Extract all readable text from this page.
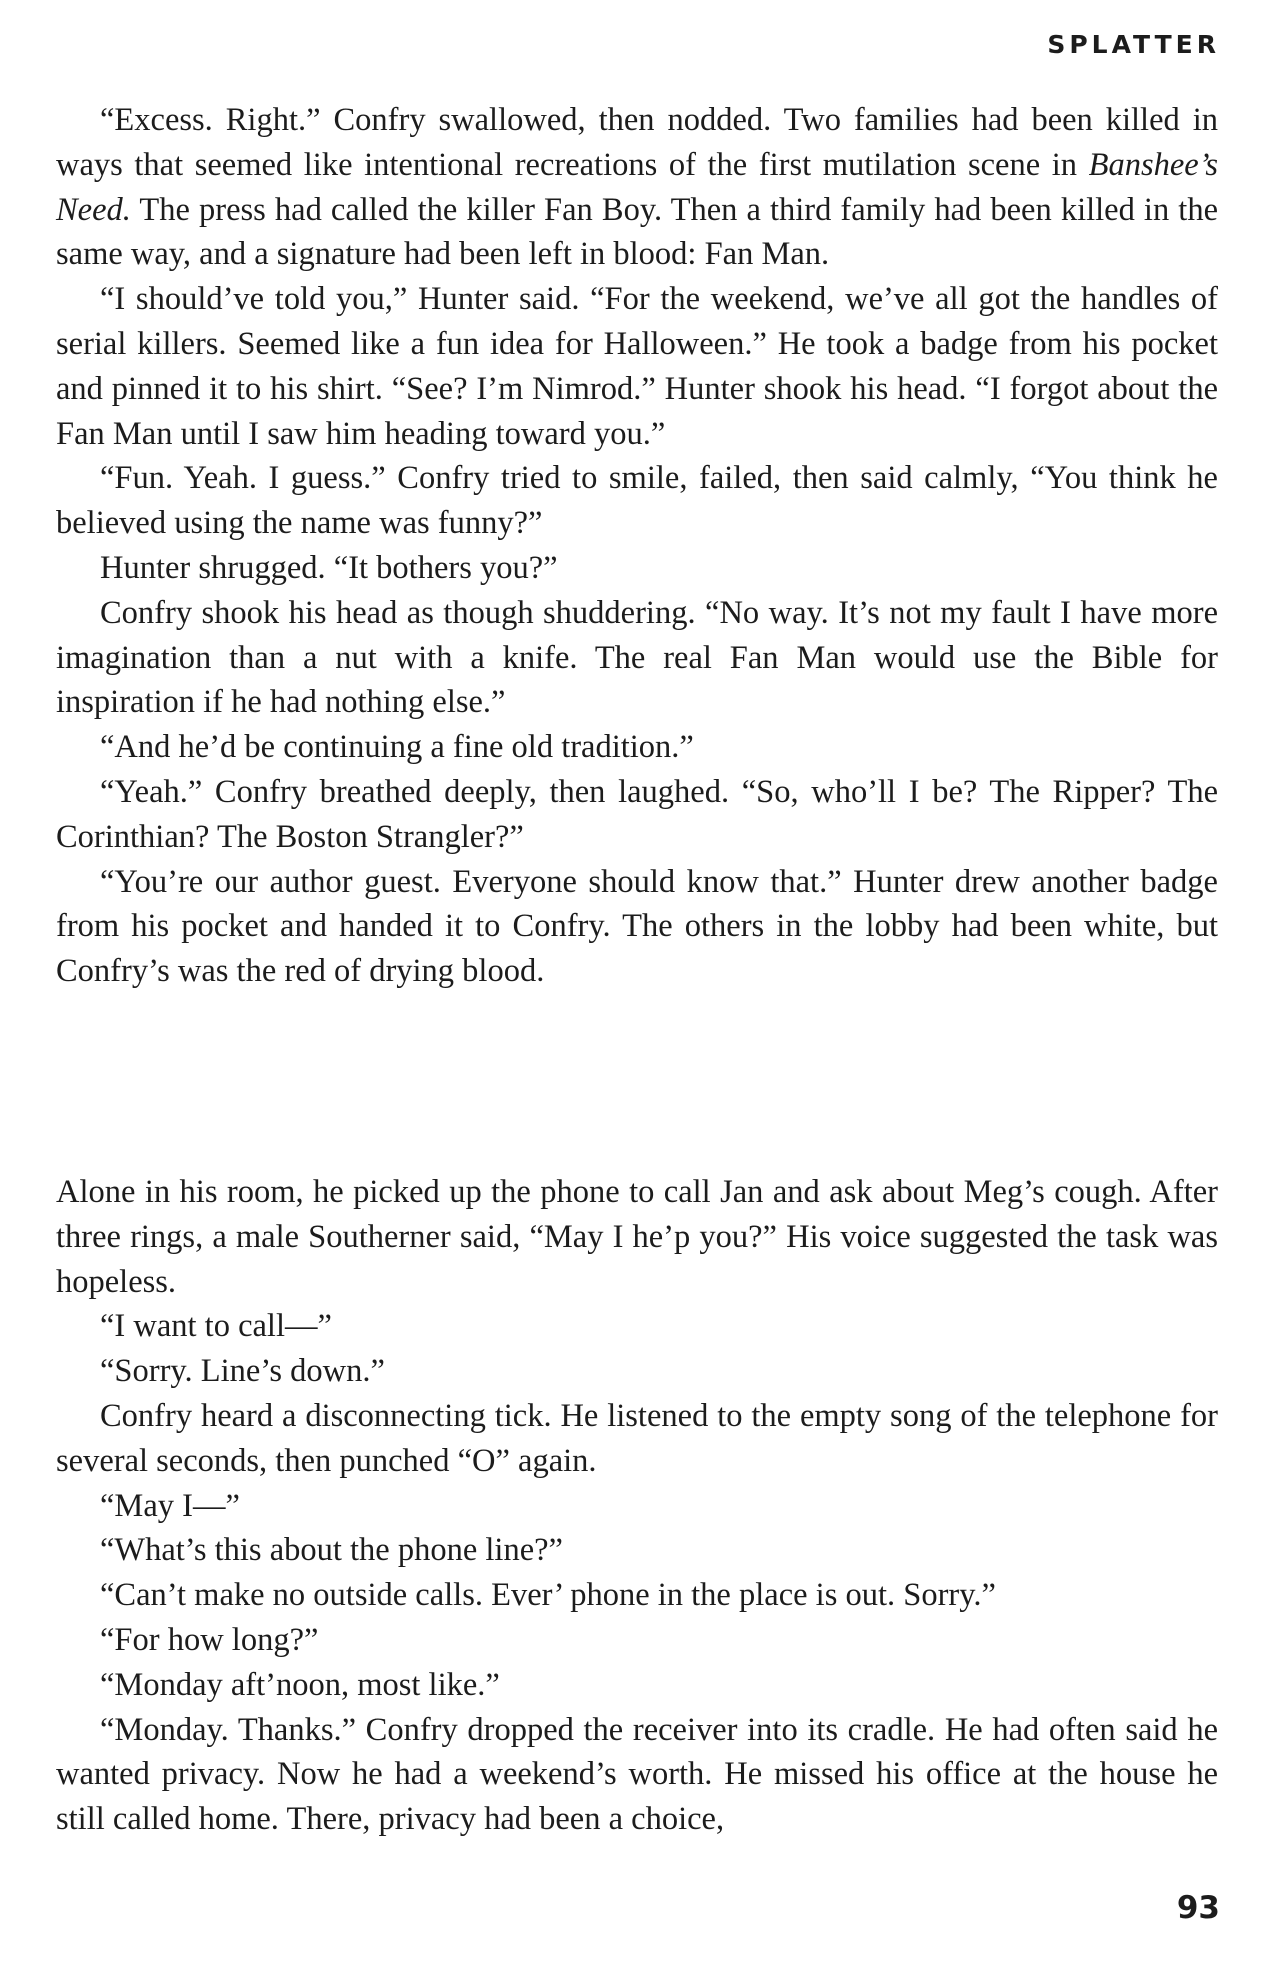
SPLATTER

“Excess. Right.” Confry swallowed, then nodded. Two families had been killed in ways that seemed like intentional recreations of the first mutilation scene in Banshee’s Need. The press had called the killer Fan Boy. Then a third family had been killed in the same way, and a signature had been left in blood: Fan Man.

“I should’ve told you,” Hunter said. “For the weekend, we’ve all got the handles of serial killers. Seemed like a fun idea for Halloween.” He took a badge from his pocket and pinned it to his shirt. “See? I’m Nimrod.” Hunter shook his head. “I forgot about the Fan Man until I saw him heading toward you.”

“Fun. Yeah. I guess.” Confry tried to smile, failed, then said calmly, “You think he believed using the name was funny?”

Hunter shrugged. “It bothers you?”

Confry shook his head as though shuddering. “No way. It’s not my fault I have more imagination than a nut with a knife. The real Fan Man would use the Bible for inspiration if he had nothing else.”

“And he’d be continuing a fine old tradition.”

“Yeah.” Confry breathed deeply, then laughed. “So, who’ll I be? The Ripper? The Corinthian? The Boston Strangler?”

“You’re our author guest. Everyone should know that.” Hunter drew another badge from his pocket and handed it to Confry. The others in the lobby had been white, but Confry’s was the red of drying blood.

Alone in his room, he picked up the phone to call Jan and ask about Meg’s cough. After three rings, a male Southerner said, “May I he’p you?” His voice suggested the task was hopeless.

“I want to call—”

“Sorry. Line’s down.”

Confry heard a disconnecting tick. He listened to the empty song of the telephone for several seconds, then punched “O” again.

“May I—”

“What’s this about the phone line?”

“Can’t make no outside calls. Ever’ phone in the place is out. Sorry.”

“For how long?”

“Monday aft’noon, most like.”

“Monday. Thanks.” Confry dropped the receiver into its cradle. He had often said he wanted privacy. Now he had a weekend’s worth. He missed his office at the house he still called home. There, privacy had been a choice,

93
